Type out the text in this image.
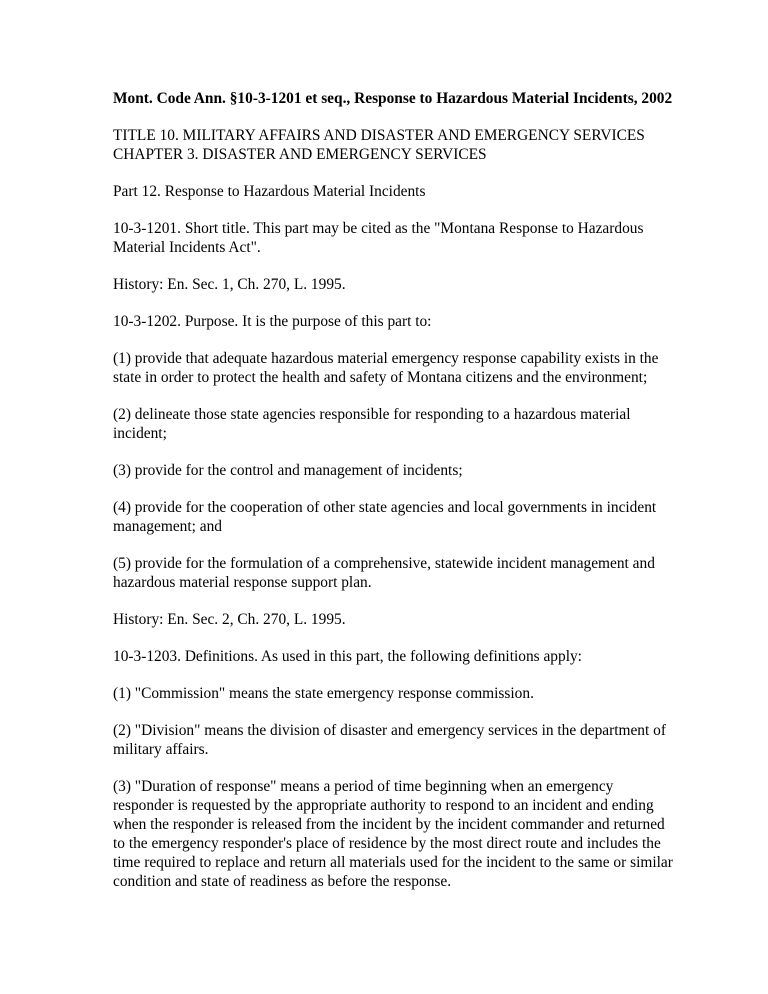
Mont. Code Ann. §10-3-1201 et seq., Response to Hazardous Material Incidents, 2002

TITLE 10. MILITARY AFFAIRS AND DISASTER AND EMERGENCY SERVICES
CHAPTER 3. DISASTER AND EMERGENCY SERVICES

Part 12. Response to Hazardous Material Incidents

10-3-1201. Short title. This part may be cited as the "Montana Response to Hazardous Material Incidents Act".

History: En. Sec. 1, Ch. 270, L. 1995.

10-3-1202. Purpose. It is the purpose of this part to:

(1) provide that adequate hazardous material emergency response capability exists in the state in order to protect the health and safety of Montana citizens and the environment;

(2) delineate those state agencies responsible for responding to a hazardous material incident;

(3) provide for the control and management of incidents;

(4) provide for the cooperation of other state agencies and local governments in incident management; and

(5) provide for the formulation of a comprehensive, statewide incident management and hazardous material response support plan.

History: En. Sec. 2, Ch. 270, L. 1995.

10-3-1203. Definitions. As used in this part, the following definitions apply:

(1) "Commission" means the state emergency response commission.

(2) "Division" means the division of disaster and emergency services in the department of military affairs.

(3) "Duration of response" means a period of time beginning when an emergency responder is requested by the appropriate authority to respond to an incident and ending when the responder is released from the incident by the incident commander and returned to the emergency responder's place of residence by the most direct route and includes the time required to replace and return all materials used for the incident to the same or similar condition and state of readiness as before the response.
